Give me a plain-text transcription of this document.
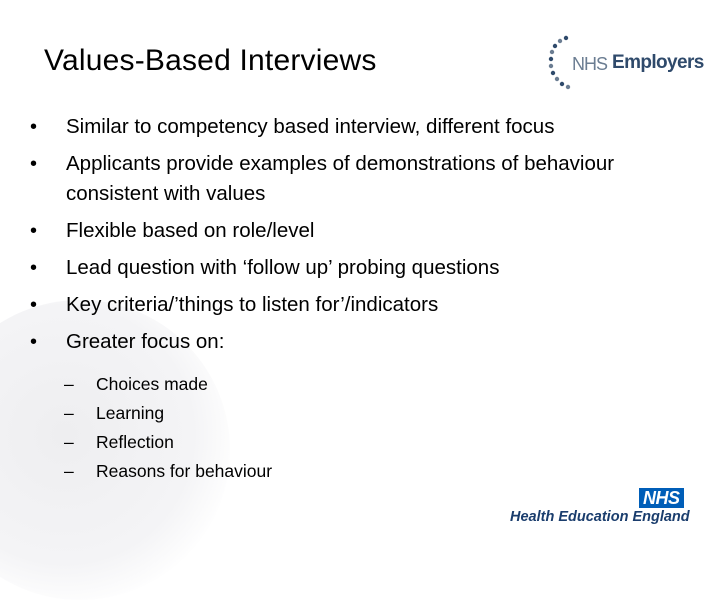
Values-Based Interviews	NHS Employers
•	Similar to competency based interview, different focus
•	Applicants provide examples of demonstrations of behaviour consistent with values
•	Flexible based on role/level
•	Lead question with ‘follow up’ probing questions
•	Key criteria/’things to listen for’/indicators
•	Greater focus on:
– Choices made
– Learning
– Reflection
– Reasons for behaviour
NHS
Health Education England
